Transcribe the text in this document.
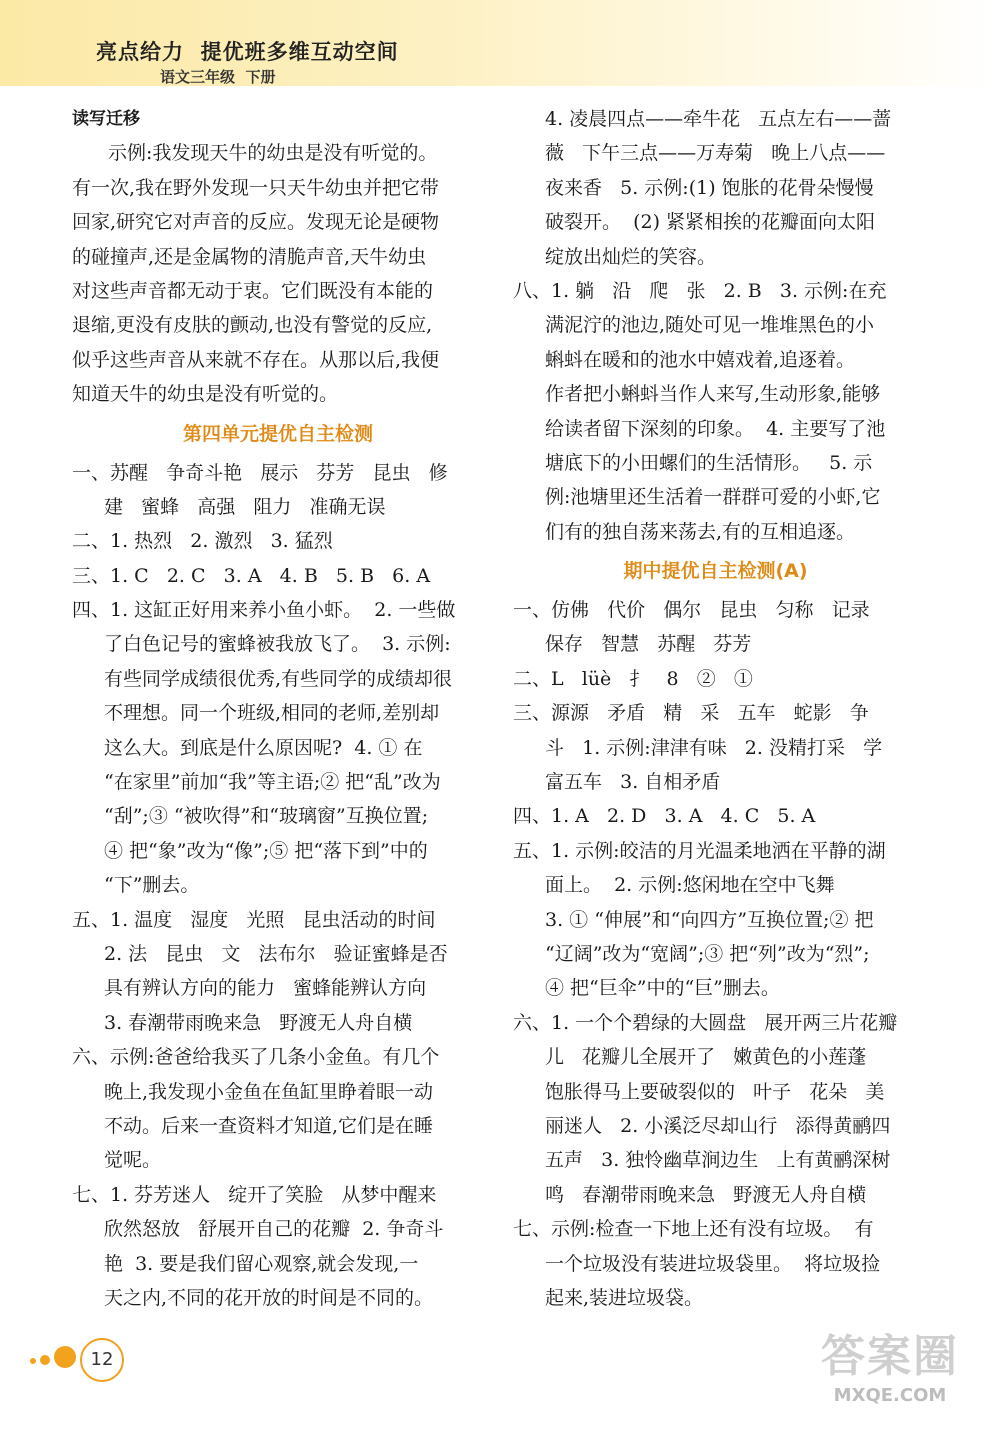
亮点给力  提优班多维互动空间
语文三年级  下册
读写迁移
示例:我发现天牛的幼虫是没有听觉的。
有一次,我在野外发现一只天牛幼虫并把它带
回家,研究它对声音的反应。发现无论是硬物
的碰撞声,还是金属物的清脆声音,天牛幼虫
对这些声音都无动于衷。它们既没有本能的
退缩,更没有皮肤的颤动,也没有警觉的反应,
似乎这些声音从来就不存在。从那以后,我便
知道天牛的幼虫是没有听觉的。
第四单元提优自主检测
一、苏醒   争奇斗艳   展示   芬芳   昆虫   修
建   蜜蜂   高强   阻力   准确无误
二、1. 热烈   2. 激烈   3. 猛烈
三、1. C   2. C   3. A   4. B   5. B   6. A
四、1. 这缸正好用来养小鱼小虾。  2. 一些做
了白色记号的蜜蜂被我放飞了。  3. 示例:
有些同学成绩很优秀,有些同学的成绩却很
不理想。同一个班级,相同的老师,差别却
这么大。到底是什么原因呢?  4. ① 在
“在家里”前加“我”等主语;② 把“乱”改为
“刮”;③ “被吹得”和“玻璃窗”互换位置;
④ 把“象”改为“像”;⑤ 把“落下到”中的
“下”删去。
五、1. 温度   湿度   光照   昆虫活动的时间
2. 法   昆虫   文   法布尔   验证蜜蜂是否
具有辨认方向的能力   蜜蜂能辨认方向
3. 春潮带雨晚来急   野渡无人舟自横
六、示例:爸爸给我买了几条小金鱼。有几个
晚上,我发现小金鱼在鱼缸里睁着眼一动
不动。后来一查资料才知道,它们是在睡
觉呢。
七、1. 芬芳迷人   绽开了笑脸   从梦中醒来
欣然怒放   舒展开自己的花瓣  2. 争奇斗
艳  3. 要是我们留心观察,就会发现,一
天之内,不同的花开放的时间是不同的。
4. 凌晨四点——牵牛花   五点左右——蔷
薇   下午三点——万寿菊   晚上八点——
夜来香   5. 示例:(1) 饱胀的花骨朵慢慢
破裂开。  (2) 紧紧相挨的花瓣面向太阳
绽放出灿烂的笑容。
八、1. 躺   沿   爬   张   2. B   3. 示例:在充
满泥泞的池边,随处可见一堆堆黑色的小
蝌蚪在暖和的池水中嬉戏着,追逐着。
作者把小蝌蚪当作人来写,生动形象,能够
给读者留下深刻的印象。  4. 主要写了池
塘底下的小田螺们的生活情形。   5. 示
例:池塘里还生活着一群群可爱的小虾,它
们有的独自荡来荡去,有的互相追逐。
期中提优自主检测(A)
一、仿佛   代价   偶尔   昆虫   匀称   记录
保存   智慧   苏醒   芬芳
二、L   lüè   扌   8   ②   ①
三、源源   矛盾   精   采   五车   蛇影   争
斗   1. 示例:津津有味   2. 没精打采   学
富五车   3. 自相矛盾
四、1. A   2. D   3. A   4. C   5. A
五、1. 示例:皎洁的月光温柔地洒在平静的湖
面上。  2. 示例:悠闲地在空中飞舞
3. ① “伸展”和“向四方”互换位置;② 把
“辽阔”改为“宽阔”;③ 把“列”改为“烈”;
④ 把“巨伞”中的“巨”删去。
六、1. 一个个碧绿的大圆盘   展开两三片花瓣
儿   花瓣儿全展开了   嫩黄色的小莲蓬
饱胀得马上要破裂似的   叶子   花朵   美
丽迷人   2. 小溪泛尽却山行   添得黄鹂四
五声   3. 独怜幽草涧边生   上有黄鹂深树
鸣   春潮带雨晚来急   野渡无人舟自横
七、示例:检查一下地上还有没有垃圾。  有
一个垃圾没有装进垃圾袋里。  将垃圾捡
起来,装进垃圾袋。
12	答案圈
MXQE.COM
